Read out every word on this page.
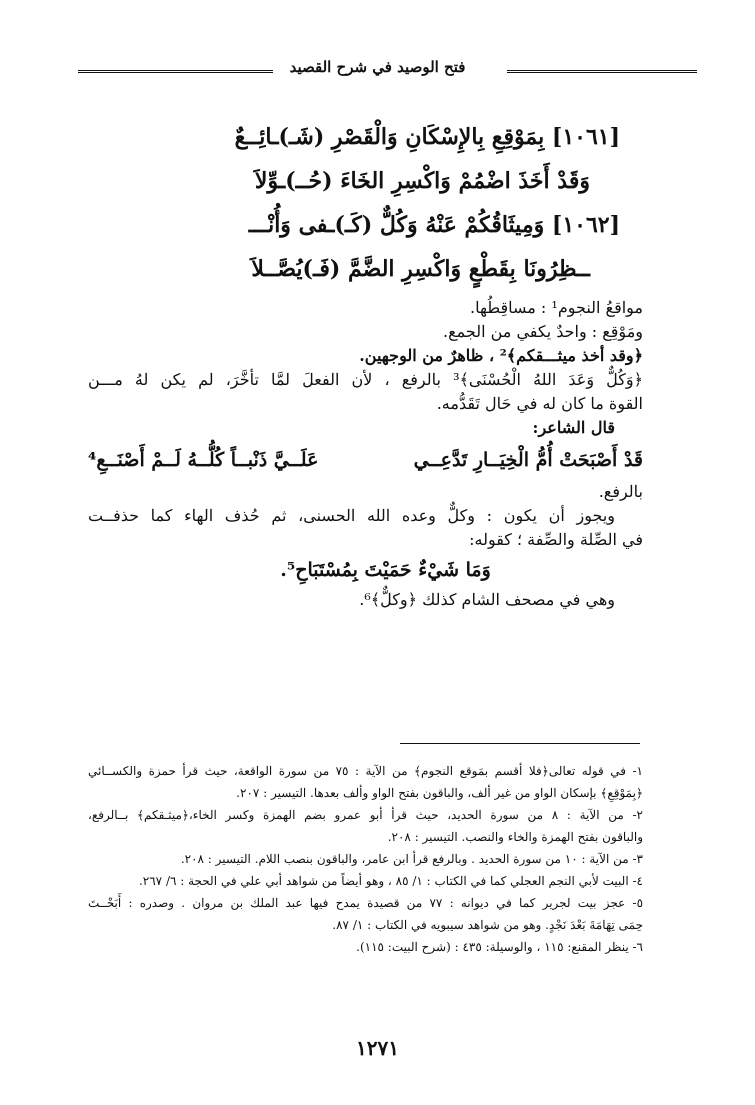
فتح الوصيد في شرح القصيد
[١٠٦١] بِمَوْقِعِ بِالإِسْكَانِ وَالْقَصْرِ (شَـ)ـائِــعٌ
وَقَدْ أَخَذَ اضْمُمْ وَاكْسِرِ الخَاءَ (حُــ)ـوِّلاَ
[١٠٦٢] وَمِيثَاقُكُمْ عَنْهُ وَكُلٌّ (كَـ)ـفى وَأُنْـــ
ــظِرُونَا بِقَطْعٍ وَاكْسِرِ الضَّمَّ (فَـ)يُصَّــلاَ
مواقعُ النجوم¹ : مساقِطُها.
ومَوْقِع : واحدٌ يكفي من الجمع.
﴿وقد أخذ ميثـــقكم﴾² ، ظاهرٌ من الوجهين.
﴿وَكُلٌّ وَعَدَ اللهُ الْحُسْنَى﴾³ بالرفع ، لأن الفعلَ لمَّا تأخَّرَ، لم يكن لهُ مـــن
القوة ما كان له في حَال تَقَدُّمه.
قال الشاعر:
قَدْ أَصْبَحَتْ أُمُّ الْخِيَــارِ تَدَّعِــي
عَلَــيَّ ذَنْبــاً كُلُّــهُ لَــمْ أَصْنَــعِ⁴
بالرفع.
ويجوز أن يكون : وكلٌّ وعده الله الحسنى، ثم حُذف الهاء كما حذفــت
في الصِّلة والصِّفة ؛ كقوله:
وَمَا شَيْءٌ حَمَيْتَ بِمُسْتَبَاحِ⁵.
وهي في مصحف الشام كذلك ﴿وكلٌّ﴾⁶.
١- في قوله تعالى﴿فلا أقسم بمَوقع النجوم﴾ من الآية : ٧٥ من سورة الواقعة، حيث قرأ حمزة والكســائي
﴿بِمَوْقِعِ﴾ بإسكان الواو من غير ألف، والباقون بفتح الواو وألف بعدها. التيسير : ٢٠٧.
٢- من الآية : ٨ من سورة الحديد، حيث قرأ أبو عمرو بضم الهمزة وكسر الخاء،﴿ميثـقكم﴾ بــالرفع،
والباقون بفتح الهمزة والخاء والنصب. التيسير : ٢٠٨.
٣- من الآية : ١٠ من سورة الحديد . وبالرفع قرأ ابن عامر، والباقون بنصب اللام. التيسير : ٢٠٨.
٤- البيت لأبي النجم العجلي كما في الكتاب : ١/ ٨٥ ، وهو أيضاً من شواهد أبي علي في الحجة : ٦/ ٢٦٧.
٥- عجز بيت لجرير كما في ديوانه : ٧٧ من قصيدة يمدح فيها عبد الملك بن مروان . وصدره : أَبَحْــتَ
حِمَى تِهَامَةَ بَعْدَ نَجْدٍ. وهو من شواهد سيبويه في الكتاب : ١/ ٨٧.
٦- ينظر المقنع: ١١٥ ، والوسيلة: ٤٣٥ : (شرح البيت: ١١٥).
١٢٧١
